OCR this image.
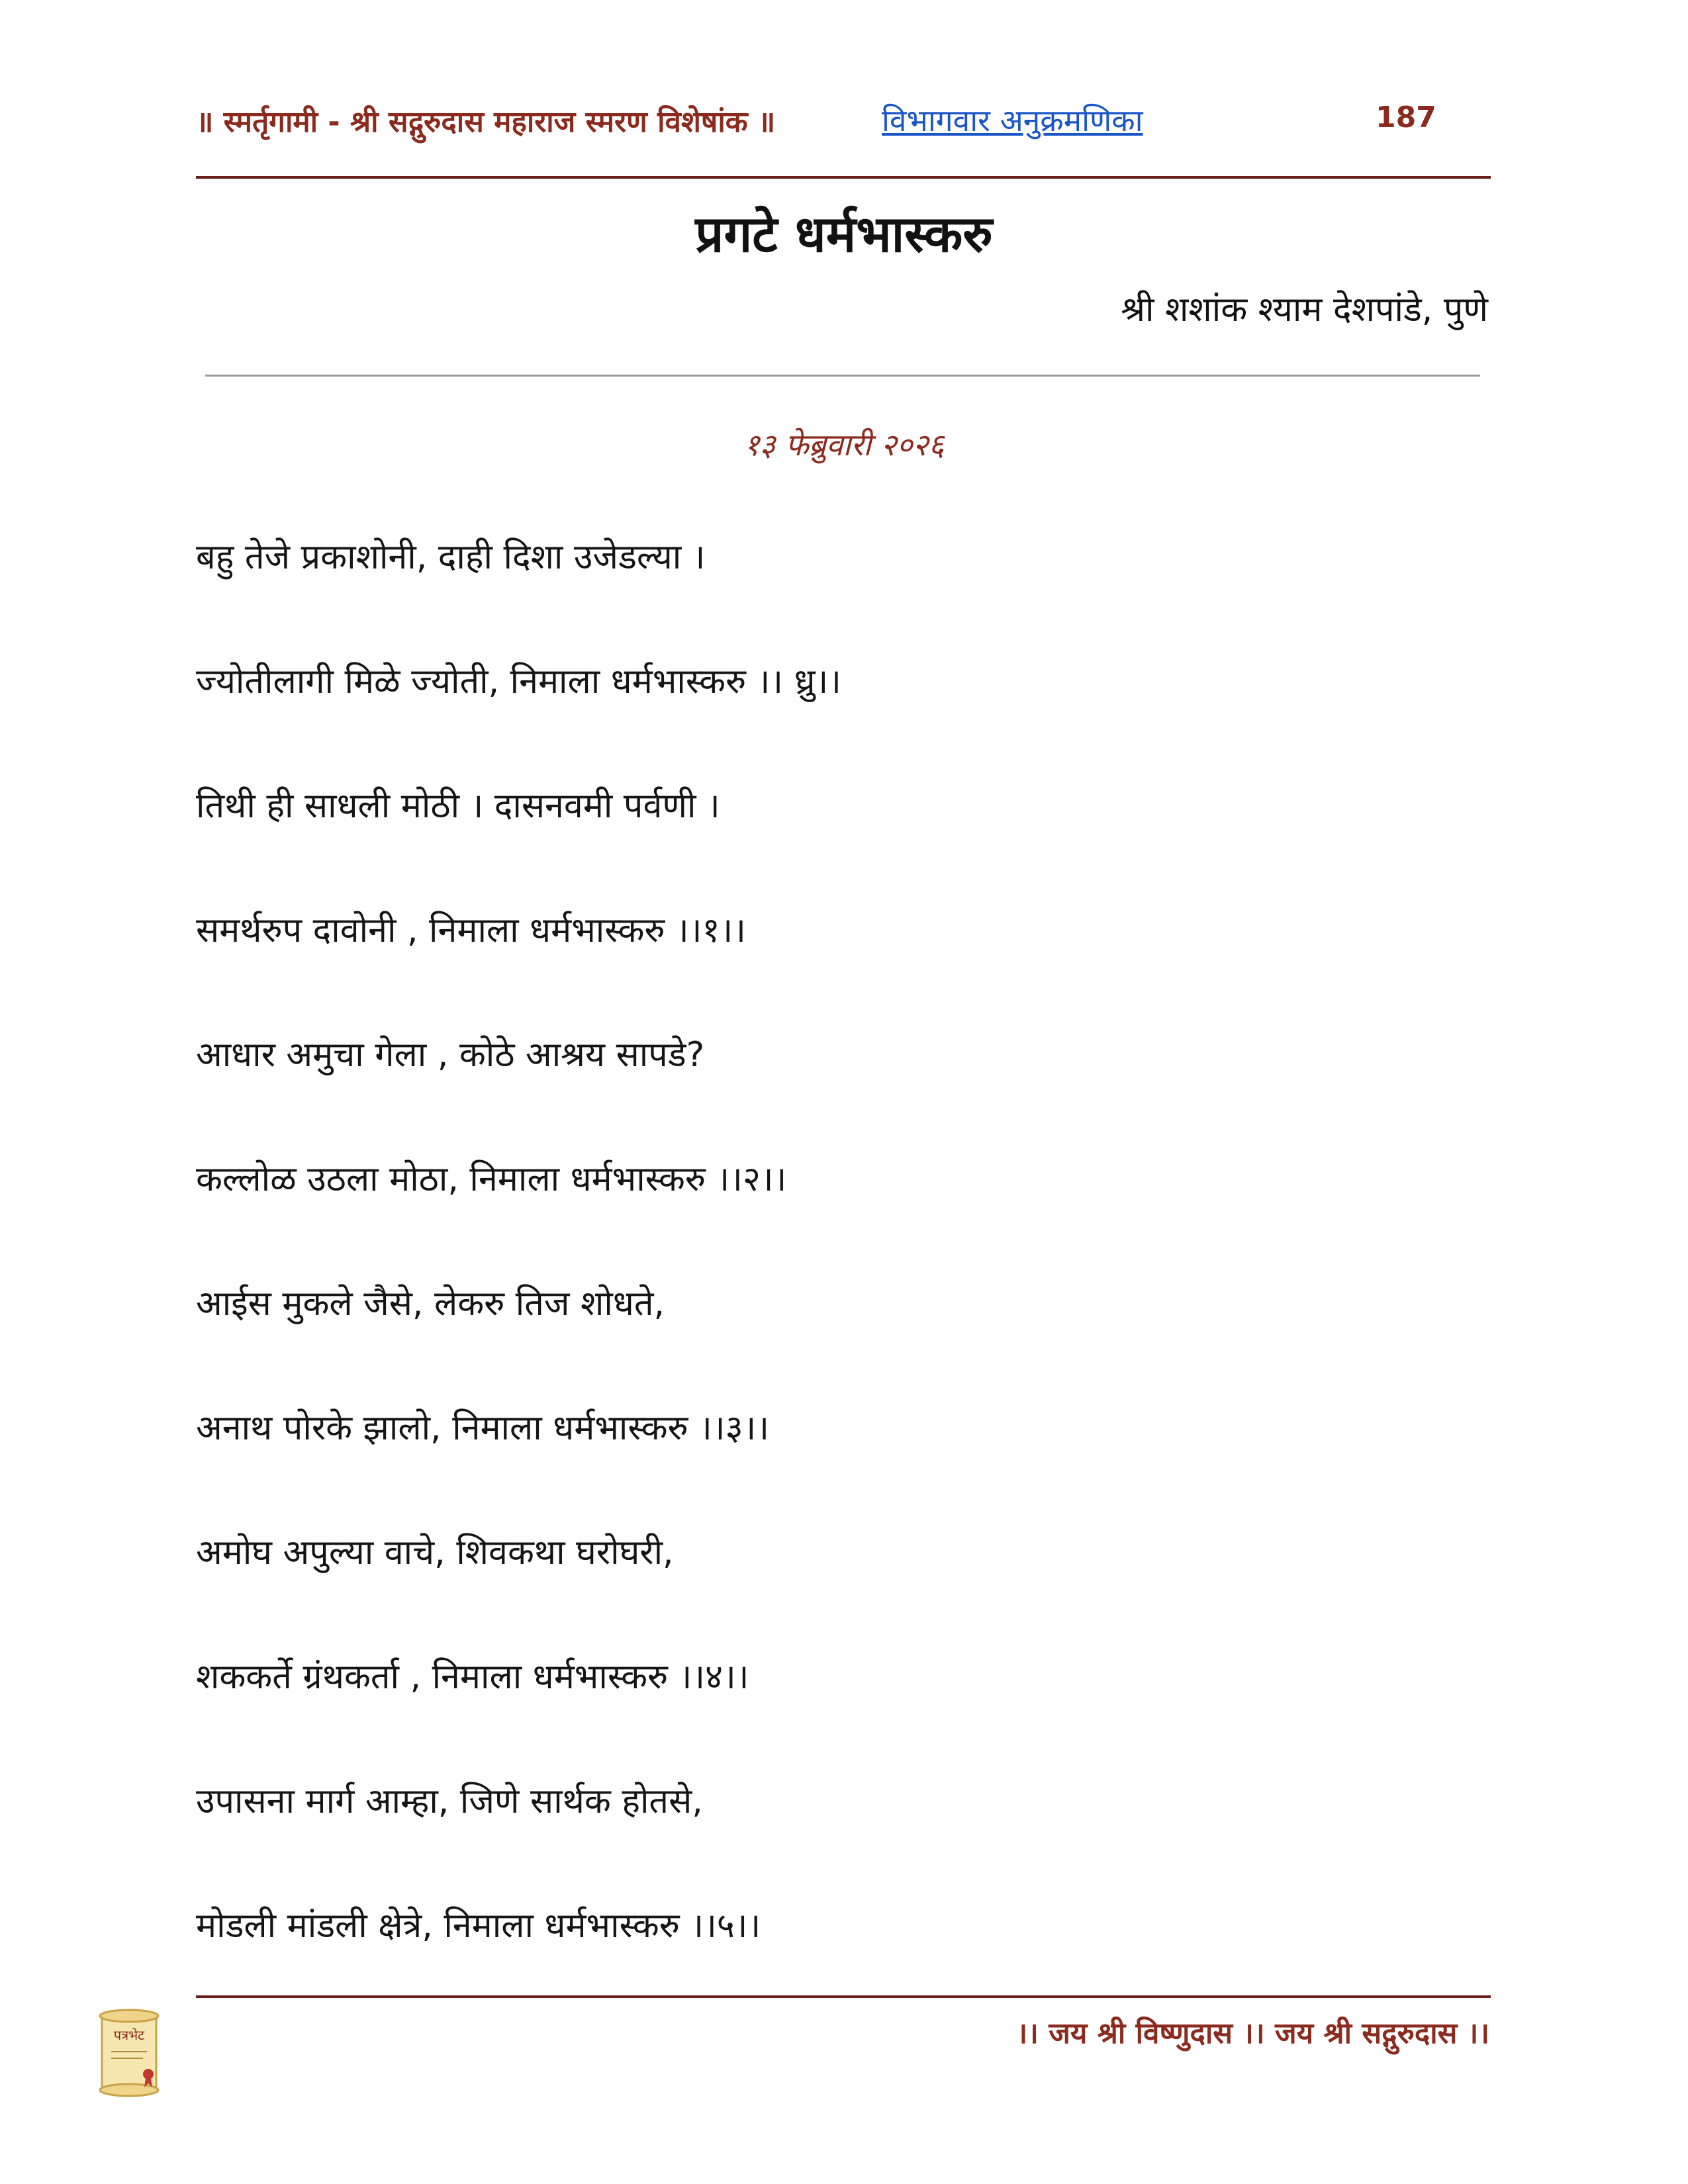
॥ स्मर्तृगामी - श्री सद्गुरुदास महाराज स्मरण विशेषांक ॥	विभागवार अनुक्रमणिका	187
प्रगटे धर्मभास्करु
श्री शशांक श्याम देशपांडे, पुणे
१३ फेब्रुवारी २०२६
बहु तेजे प्रकाशोनी, दाही दिशा उजेडल्या ।
ज्योतीलागी मिळे ज्योती, निमाला धर्मभास्करु ।। ध्रु।।
तिथी ही साधली मोठी । दासनवमी पर्वणी ।
समर्थरुप दावोनी , निमाला धर्मभास्करु ।।१।।
आधार अमुचा गेला , कोठे आश्रय सापडे?
कल्लोळ उठला मोठा, निमाला धर्मभास्करु ।।२।।
आईस मुकले जैसे, लेकरु तिज शोधते,
अनाथ पोरके झालो, निमाला धर्मभास्करु ।।३।।
अमोघ अपुल्या वाचे, शिवकथा घरोघरी,
शककर्ते ग्रंथकर्ता , निमाला धर्मभास्करु ।।४।।
उपासना मार्ग आम्हा, जिणे सार्थक होतसे,
मोडली मांडली क्षेत्रे, निमाला धर्मभास्करु ।।५।।
।। जय श्री विष्णुदास ।। जय श्री सद्गुरुदास ।।
पत्रभेट
